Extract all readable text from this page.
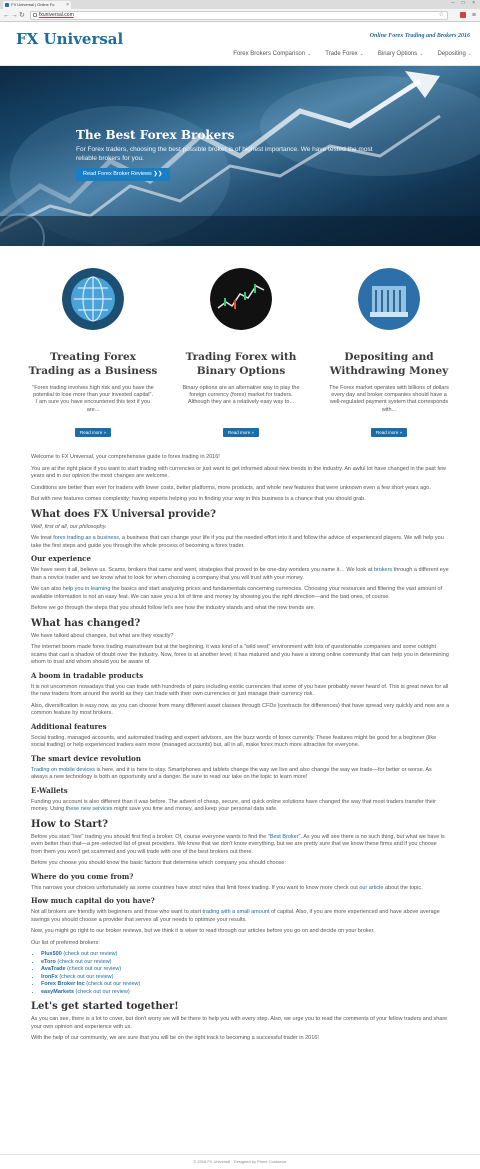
FX Universal | Online Fo ×	– □ ×
← → ↻	fxuniversal.com	☆	≡
FX Universal	Online Forex Trading and Brokers 2016
Forex Brokers Comparison ⌄ Trade Forex ⌄ Binary Options ⌄ Depositing ⌄
The Best Forex Brokers
For Forex traders, choosing the best possible broker is of highest importance. We have tested the most reliable brokers for you.
Read Forex Broker Reviews ❯❯
Treating Forex Trading as a Business
"Forex trading involves high risk and you have the potential to lose more than your invested capital". I am sure you have encountered this text if you are...
Read more »
Trading Forex with Binary Options
Binary options are an alternative way to play the foreign currency (forex) market for traders. Although they are a relatively easy way to...
Read more »
Depositing and Withdrawing Money
The Forex market operates with billions of dollars every day and broker companies should have a well-regulated payment system that corresponds with...
Read more »

Welcome to FX Universal, your comprehensive guide to forex trading in 2016!

You are at the right place if you want to start trading with currencies or just want to get informed about new trends in the industry. An awful lot have changed in the past few years and in our opinion the most changes are welcome.

Conditions are better than ever for traders with lower costs, better platforms, more products, and whole new features that were unknown even a few short years ago.

But with new features comes complexity; having experts helping you in finding your way in this business is a chance that you should grab.

What does FX Universal provide?

Well, first of all, our philosophy.

We treat forex trading as a business, a business that can change your life if you put the needed effort into it and follow the advice of experienced players. We will help you take the first steps and guide you through the whole process of becoming a forex trader.

Our experience

We have seen it all, believe us. Scams, brokers that came and went, strategies that proved to be one-day wonders you name it… We look at brokers through a different eye than a novice trader and we know what to look for when choosing a company that you will trust with your money.

We can also help you in learning the basics and start analyzing prices and fundamentals concerning currencies. Choosing your resources and filtering the vast amount of available information is not an easy feat. We can save you a lot of time and money by showing you the right direction—and the bad ones, of course.

Before we go through the steps that you should follow let's see how the industry stands and what the new trends are.

What has changed?

We have talked about changes, but what are they exactly?

The internet boom made forex trading mainstream but at the beginning, it was kind of a "wild west" environment with lots of questionable companies and some outright scams that cast a shadow of doubt over the industry. Now, forex is at another level; it has matured and you have a strong online community that can help you in determining whom to trust and whom should you be aware of.

A boom in tradable products

It is not uncommon nowadays that you can trade with hundreds of pairs including exotic currencies that some of you have probably never heard of. This is great news for all the new traders from around the world as they can trade with their own currencies or just manage their currency risk.

Also, diversification is easy now, as you can choose from many different asset classes through CFDs (contracts for differences) that have spread very quickly and now are a common feature by most brokers.

Additional features

Social trading, managed accounts, and automated trading and expert advisors, are the buzz words of forex currently. These features might be good for a beginner (like social trading) or help experienced traders earn more (managed accounts) but, all in all, make forex much more attractive for everyone.

The smart device revolution

Trading on mobile devices is here, and it is here to stay. Smartphones and tablets change the way we live and also change the way we trade—for better or worse. As always a new technology is both an opportunity and a danger. Be sure to read our take on the topic to learn more!

E-Wallets

Funding you account is also different than it was before. The advent of cheap, secure, and quick online solutions have changed the way that most traders transfer their money. Using these new services might save you time and money, and keep your personal data safe.

How to Start?

Before you start "live" trading you should first find a broker. Of, course everyone wants to find the "Best Broker". As you will see there is no such thing, but what we have is even better than that—a pre-selected list of great providers. We know that we don't know everything, but we are pretty sure that we know these firms and if you choose from them you won't get scammed and you will trade with one of the best brokers out there.

Before you choose you should know the basic factors that determine which company you should choose:

Where do you come from?

This narrows your choices unfortunately as some countries have strict rules that limit forex trading. If you want to know more check out our article about the topic.

How much capital do you have?

Not all brokers are friendly with beginners and those who want to start trading with a small amount of capital. Also, if you are more experienced and have above average savings you should choose a provider that serves all your needs to optimize your results.

Now, you might go right to our broker reviews, but we think it is wiser to read through our articles before you go on and decide on your broker.

Our list of preferred brokers:

• Plus500 (check out our review)
• eToro (check out our review)
• AvaTrade (check out our review)
• IronFx (check out our review)
• Forex Broker Inc (check out our review)
• easyMarkets (check out our review)
Let's get started together!

As you can see, there is a lot to cover, but don't worry we will be there to help you with every step. Also, we urge you to read the comments of your fellow traders and share your own opinion and experience with us.

With the help of our community, we are sure that you will be on the right track to becoming a successful trader in 2016!

© 2016 FX Universal · Designed by Prime Customizr
